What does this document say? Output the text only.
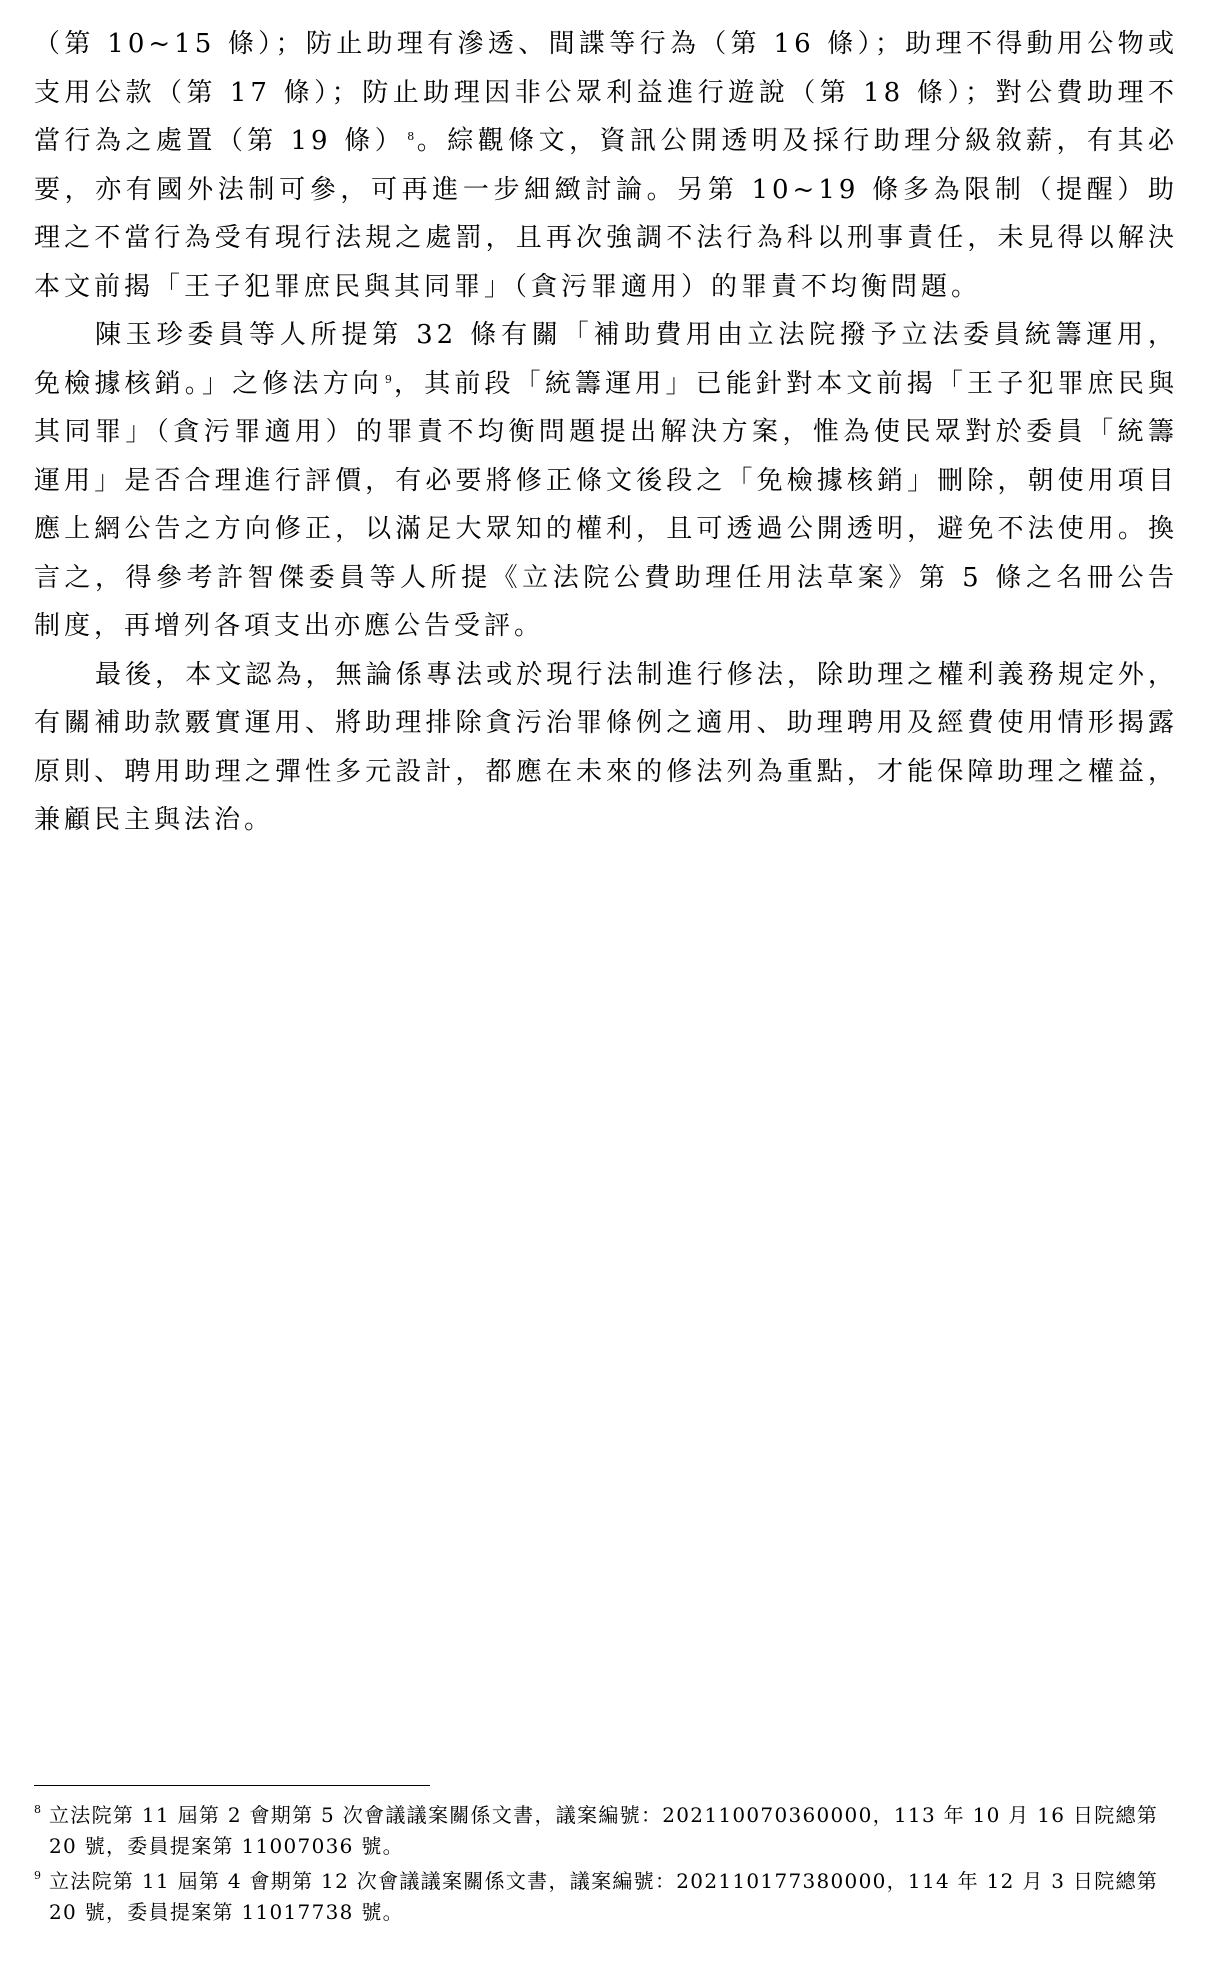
（第 10~15 條）；防止助理有滲透、間諜等行為（第 16 條）；助理不得動用公物或支用公款（第 17 條）；防止助理因非公眾利益進行遊說（第 18 條）；對公費助理不當行為之處置（第 19 條） $^8$。綜觀條文，資訊公開透明及採行助理分級敘薪，有其必要，亦有國外法制可參，可再進一步細緻討論。另第 10~19 條多為限制（提醒）助理之不當行為受有現行法規之處罰，且再次強調不法行為科以刑事責任，未見得以解決本文前揭「王子犯罪庶民與其同罪」（貪污罪適用）的罪責不均衡問題。

陳玉珍委員等人所提第 32 條有關「補助費用由立法院撥予立法委員統籌運用，免檢據核銷。」之修法方向 $^9$，其前段「統籌運用」已能針對本文前揭「王子犯罪庶民與其同罪」（貪污罪適用）的罪責不均衡問題提出解決方案，惟為使民眾對於委員「統籌運用」是否合理進行評價，有必要將修正條文後段之「免檢據核銷」刪除，朝使用項目應上網公告之方向修正，以滿足大眾知的權利，且可透過公開透明，避免不法使用。換言之，得參考許智傑委員等人所提《立法院公費助理任用法草案》第 5 條之名冊公告制度，再增列各項支出亦應公告受評。

最後，本文認為，無論係專法或於現行法制進行修法，除助理之權利義務規定外，有關補助款覈實運用、將助理排除貪污治罪條例之適用、助理聘用及經費使用情形揭露原則、聘用助理之彈性多元設計，都應在未來的修法列為重點，才能保障助理之權益，兼顧民主與法治。

8 立法院第 11 屆第 2 會期第 5 次會議議案關係文書，議案編號：202110070360000，113 年 10 月 16 日院總第 20 號，委員提案第 11007036 號。
9 立法院第 11 屆第 4 會期第 12 次會議議案關係文書，議案編號：202110177380000，114 年 12 月 3 日院總第 20 號，委員提案第 11017738 號。
